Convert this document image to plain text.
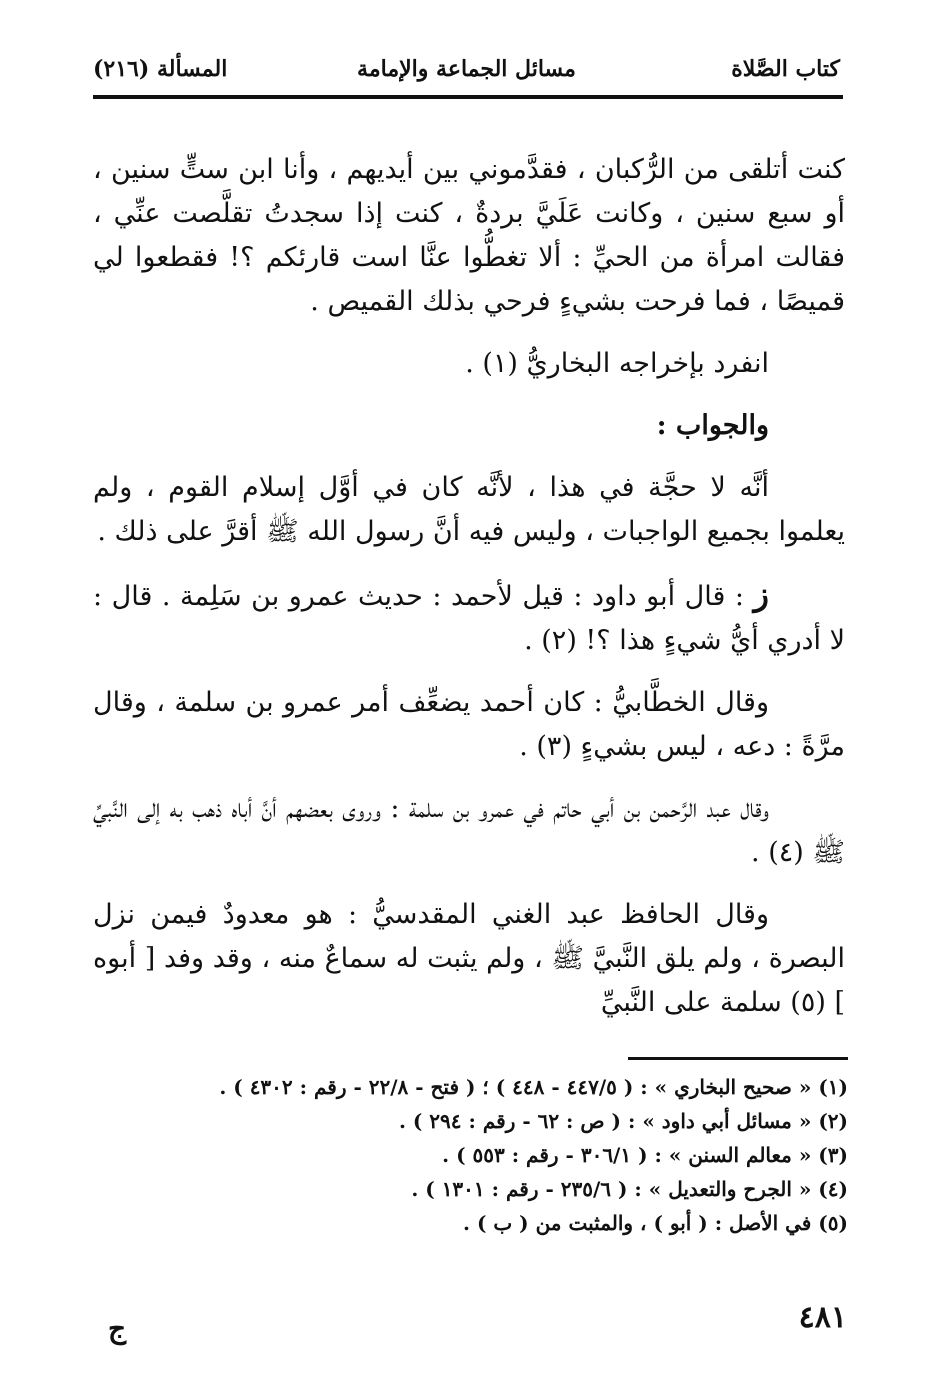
كتاب الصَّلاة
مسائل الجماعة والإمامة
المسألة (٢١٦)

كنت أتلقى من الرُّكبان ، فقدَّموني بين أيديهم ، وأنا ابن ستٍّ سنين ، أو سبع سنين ، وكانت عَلَيَّ بردةٌ ، كنت إذا سجدتُ تقلَّصت عنِّي ، فقالت امرأة من الحيِّ : ألا تغطُّوا عنَّا است قارئكم ؟! فقطعوا لي قميصًا ، فما فرحت بشيءٍ فرحي بذلك القميص .

انفرد بإخراجه البخاريُّ (١) .

والجواب :

أنَّه لا حجَّة في هذا ، لأنَّه كان في أوَّل إسلام القوم ، ولم يعلموا بجميع الواجبات ، وليس فيه أنَّ رسول الله ﷺ أقرَّ على ذلك .

ز : قال أبو داود : قيل لأحمد : حديث عمرو بن سَلِمة . قال : لا أدري أيُّ شيءٍ هذا ؟! (٢) .

وقال الخطَّابيُّ : كان أحمد يضعِّف أمر عمرو بن سلمة ، وقال مرَّةً : دعه ، ليس بشيءٍ (٣) .

وقال عبد الرَّحمن بن أبي حاتم في عمرو بن سلمة : وروى بعضهم أنَّ أباه ذهب به إلى النَّبيِّ ﷺ (٤) .

وقال الحافظ عبد الغني المقدسيُّ : هو معدودٌ فيمن نزل البصرة ، ولم يلق النَّبيَّ ﷺ ، ولم يثبت له سماعٌ منه ، وقد وفد [ أبوه ] (٥) سلمة على النَّبيِّ

(١) « صحيح البخاري » : ( ٤٤٧/٥ - ٤٤٨ ) ؛ ( فتح - ٢٢/٨ - رقم : ٤٣٠٢ ) .
(٢) « مسائل أبي داود » : ( ص : ٦٢ - رقم : ٢٩٤ ) .
(٣) « معالم السنن » : ( ٣٠٦/١ - رقم : ٥٥٣ ) .
(٤) « الجرح والتعديل » : ( ٢٣٥/٦ - رقم : ١٣٠١ ) .
(٥) في الأصل : ( أبو ) ، والمثبت من ( ب ) .
٤٨١
ج
